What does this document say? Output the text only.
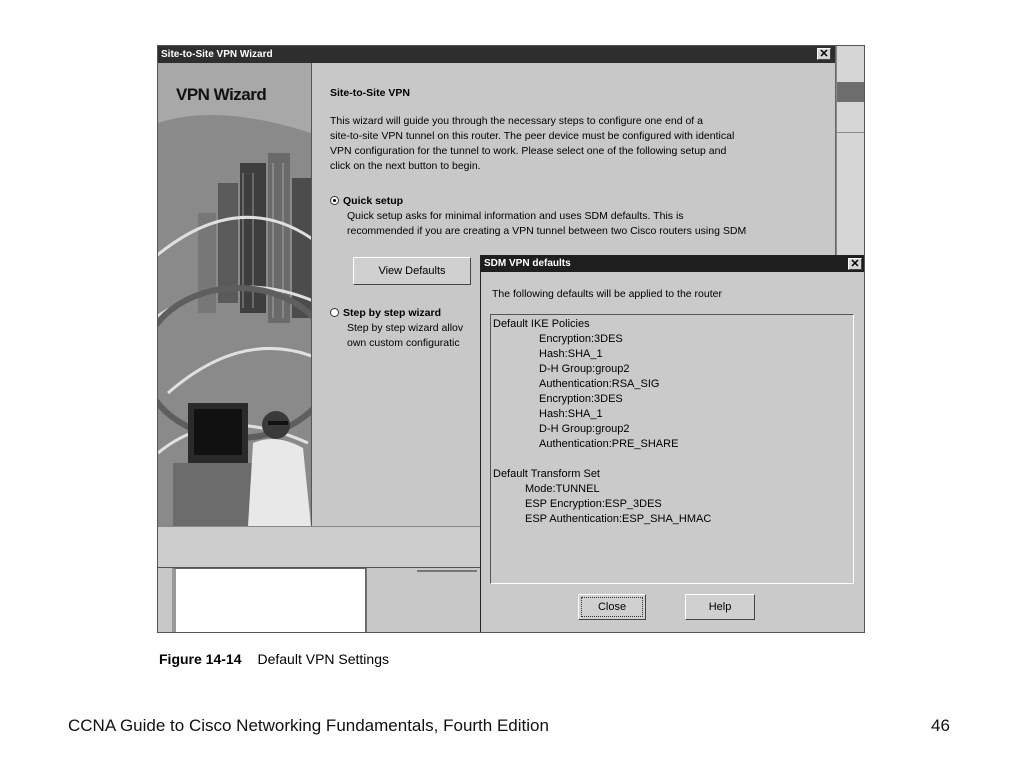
Site-to-Site VPN Wizard	✕
VPN Wizard	Site-to-Site VPN
This wizard will guide you through the necessary steps to configure one end of a
site-to-site VPN tunnel on this router. The peer device must be configured with identical
VPN configuration for the tunnel to work. Please select one of the following setup and
click on the next button to begin.
Quick setup
Quick setup asks for minimal information and uses SDM defaults. This is
recommended if you are creating a VPN tunnel between two Cisco routers using SDM
Step by step wizard
Step by step wizard allov
own custom configuratic
View Defaults
SDM VPN defaults	✕
The following defaults will be applied to the router
Default IKE Policies
Encryption:3DES
Hash:SHA_1
D-H Group:group2
Authentication:RSA_SIG
Encryption:3DES
Hash:SHA_1
D-H Group:group2
Authentication:PRE_SHARE
Default Transform Set
Mode:TUNNEL
ESP Encryption:ESP_3DES
ESP Authentication:ESP_SHA_HMAC
Close	Help
Figure 14-14 Default VPN Settings
CCNA Guide to Cisco Networking Fundamentals, Fourth Edition	46
